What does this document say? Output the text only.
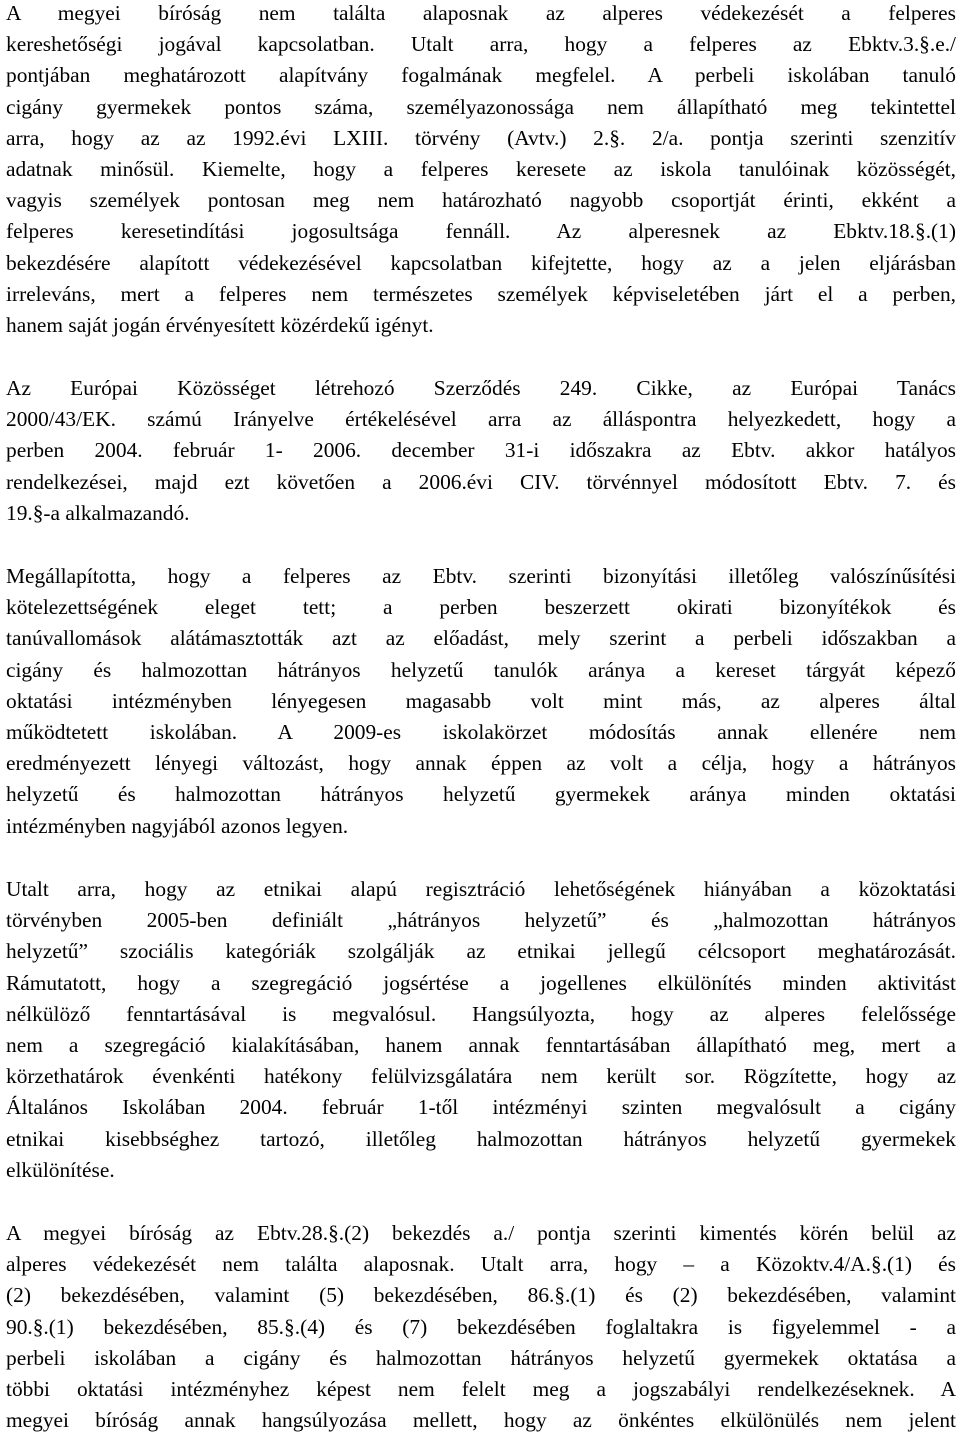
A megyei bíróság nem találta alaposnak az alperes védekezését a felperes
kereshetőségi jogával kapcsolatban. Utalt arra, hogy a felperes az Ebktv.3.§.e./
pontjában meghatározott alapítvány fogalmának megfelel. A perbeli iskolában tanuló
cigány gyermekek pontos száma, személyazonossága nem állapítható meg tekintettel
arra, hogy az az 1992.évi LXIII. törvény (Avtv.) 2.§. 2/a. pontja szerinti szenzitív
adatnak minősül. Kiemelte, hogy a felperes keresete az iskola tanulóinak közösségét,
vagyis személyek pontosan meg nem határozható nagyobb csoportját érinti, ekként a
felperes keresetindítási jogosultsága fennáll. Az alperesnek az Ebktv.18.§.(1)
bekezdésére alapított védekezésével kapcsolatban kifejtette, hogy az a jelen eljárásban
irreleváns, mert a felperes nem természetes személyek képviseletében járt el a perben,
hanem saját jogán érvényesített közérdekű igényt.
Az Európai Közösséget létrehozó Szerződés 249. Cikke, az Európai Tanács
2000/43/EK. számú Irányelve értékelésével arra az álláspontra helyezkedett, hogy a
perben 2004. február 1- 2006. december 31-i időszakra az Ebtv. akkor hatályos
rendelkezései, majd ezt követően a 2006.évi CIV. törvénnyel módosított Ebtv. 7. és
19.§-a alkalmazandó.
Megállapította, hogy a felperes az Ebtv. szerinti bizonyítási illetőleg valószínűsítési
kötelezettségének eleget tett; a perben beszerzett okirati bizonyítékok és
tanúvallomások alátámasztották azt az előadást, mely szerint a perbeli időszakban a
cigány és halmozottan hátrányos helyzetű tanulók aránya a kereset tárgyát képező
oktatási intézményben lényegesen magasabb volt mint más, az alperes által
működtetett iskolában. A 2009-es iskolakörzet módosítás annak ellenére nem
eredményezett lényegi változást, hogy annak éppen az volt a célja, hogy a hátrányos
helyzetű és halmozottan hátrányos helyzetű gyermekek aránya minden oktatási
intézményben nagyjából azonos legyen.
Utalt arra, hogy az etnikai alapú regisztráció lehetőségének hiányában a közoktatási
törvényben 2005-ben definiált „hátrányos helyzetű” és „halmozottan hátrányos
helyzetű” szociális kategóriák szolgálják az etnikai jellegű célcsoport meghatározását.
Rámutatott, hogy a szegregáció jogsértése a jogellenes elkülönítés minden aktivitást
nélkülöző fenntartásával is megvalósul. Hangsúlyozta, hogy az alperes felelőssége
nem a szegregáció kialakításában, hanem annak fenntartásában állapítható meg, mert a
körzethatárok évenkénti hatékony felülvizsgálatára nem került sor. Rögzítette, hogy az
Általános Iskolában 2004. február 1-től intézményi szinten megvalósult a cigány
etnikai kisebbséghez tartozó, illetőleg halmozottan hátrányos helyzetű gyermekek
elkülönítése.
A megyei bíróság az Ebtv.28.§.(2) bekezdés a./ pontja szerinti kimentés körén belül az
alperes védekezését nem találta alaposnak. Utalt arra, hogy – a Közoktv.4/A.§.(1) és
(2) bekezdésében, valamint (5) bekezdésében, 86.§.(1) és (2) bekezdésében, valamint
90.§.(1) bekezdésében, 85.§.(4) és (7) bekezdésében foglaltakra is figyelemmel - a
perbeli iskolában a cigány és halmozottan hátrányos helyzetű gyermekek oktatása a
többi oktatási intézményhez képest nem felelt meg a jogszabályi rendelkezéseknek. A
megyei bíróság annak hangsúlyozása mellett, hogy az önkéntes elkülönülés nem jelent
